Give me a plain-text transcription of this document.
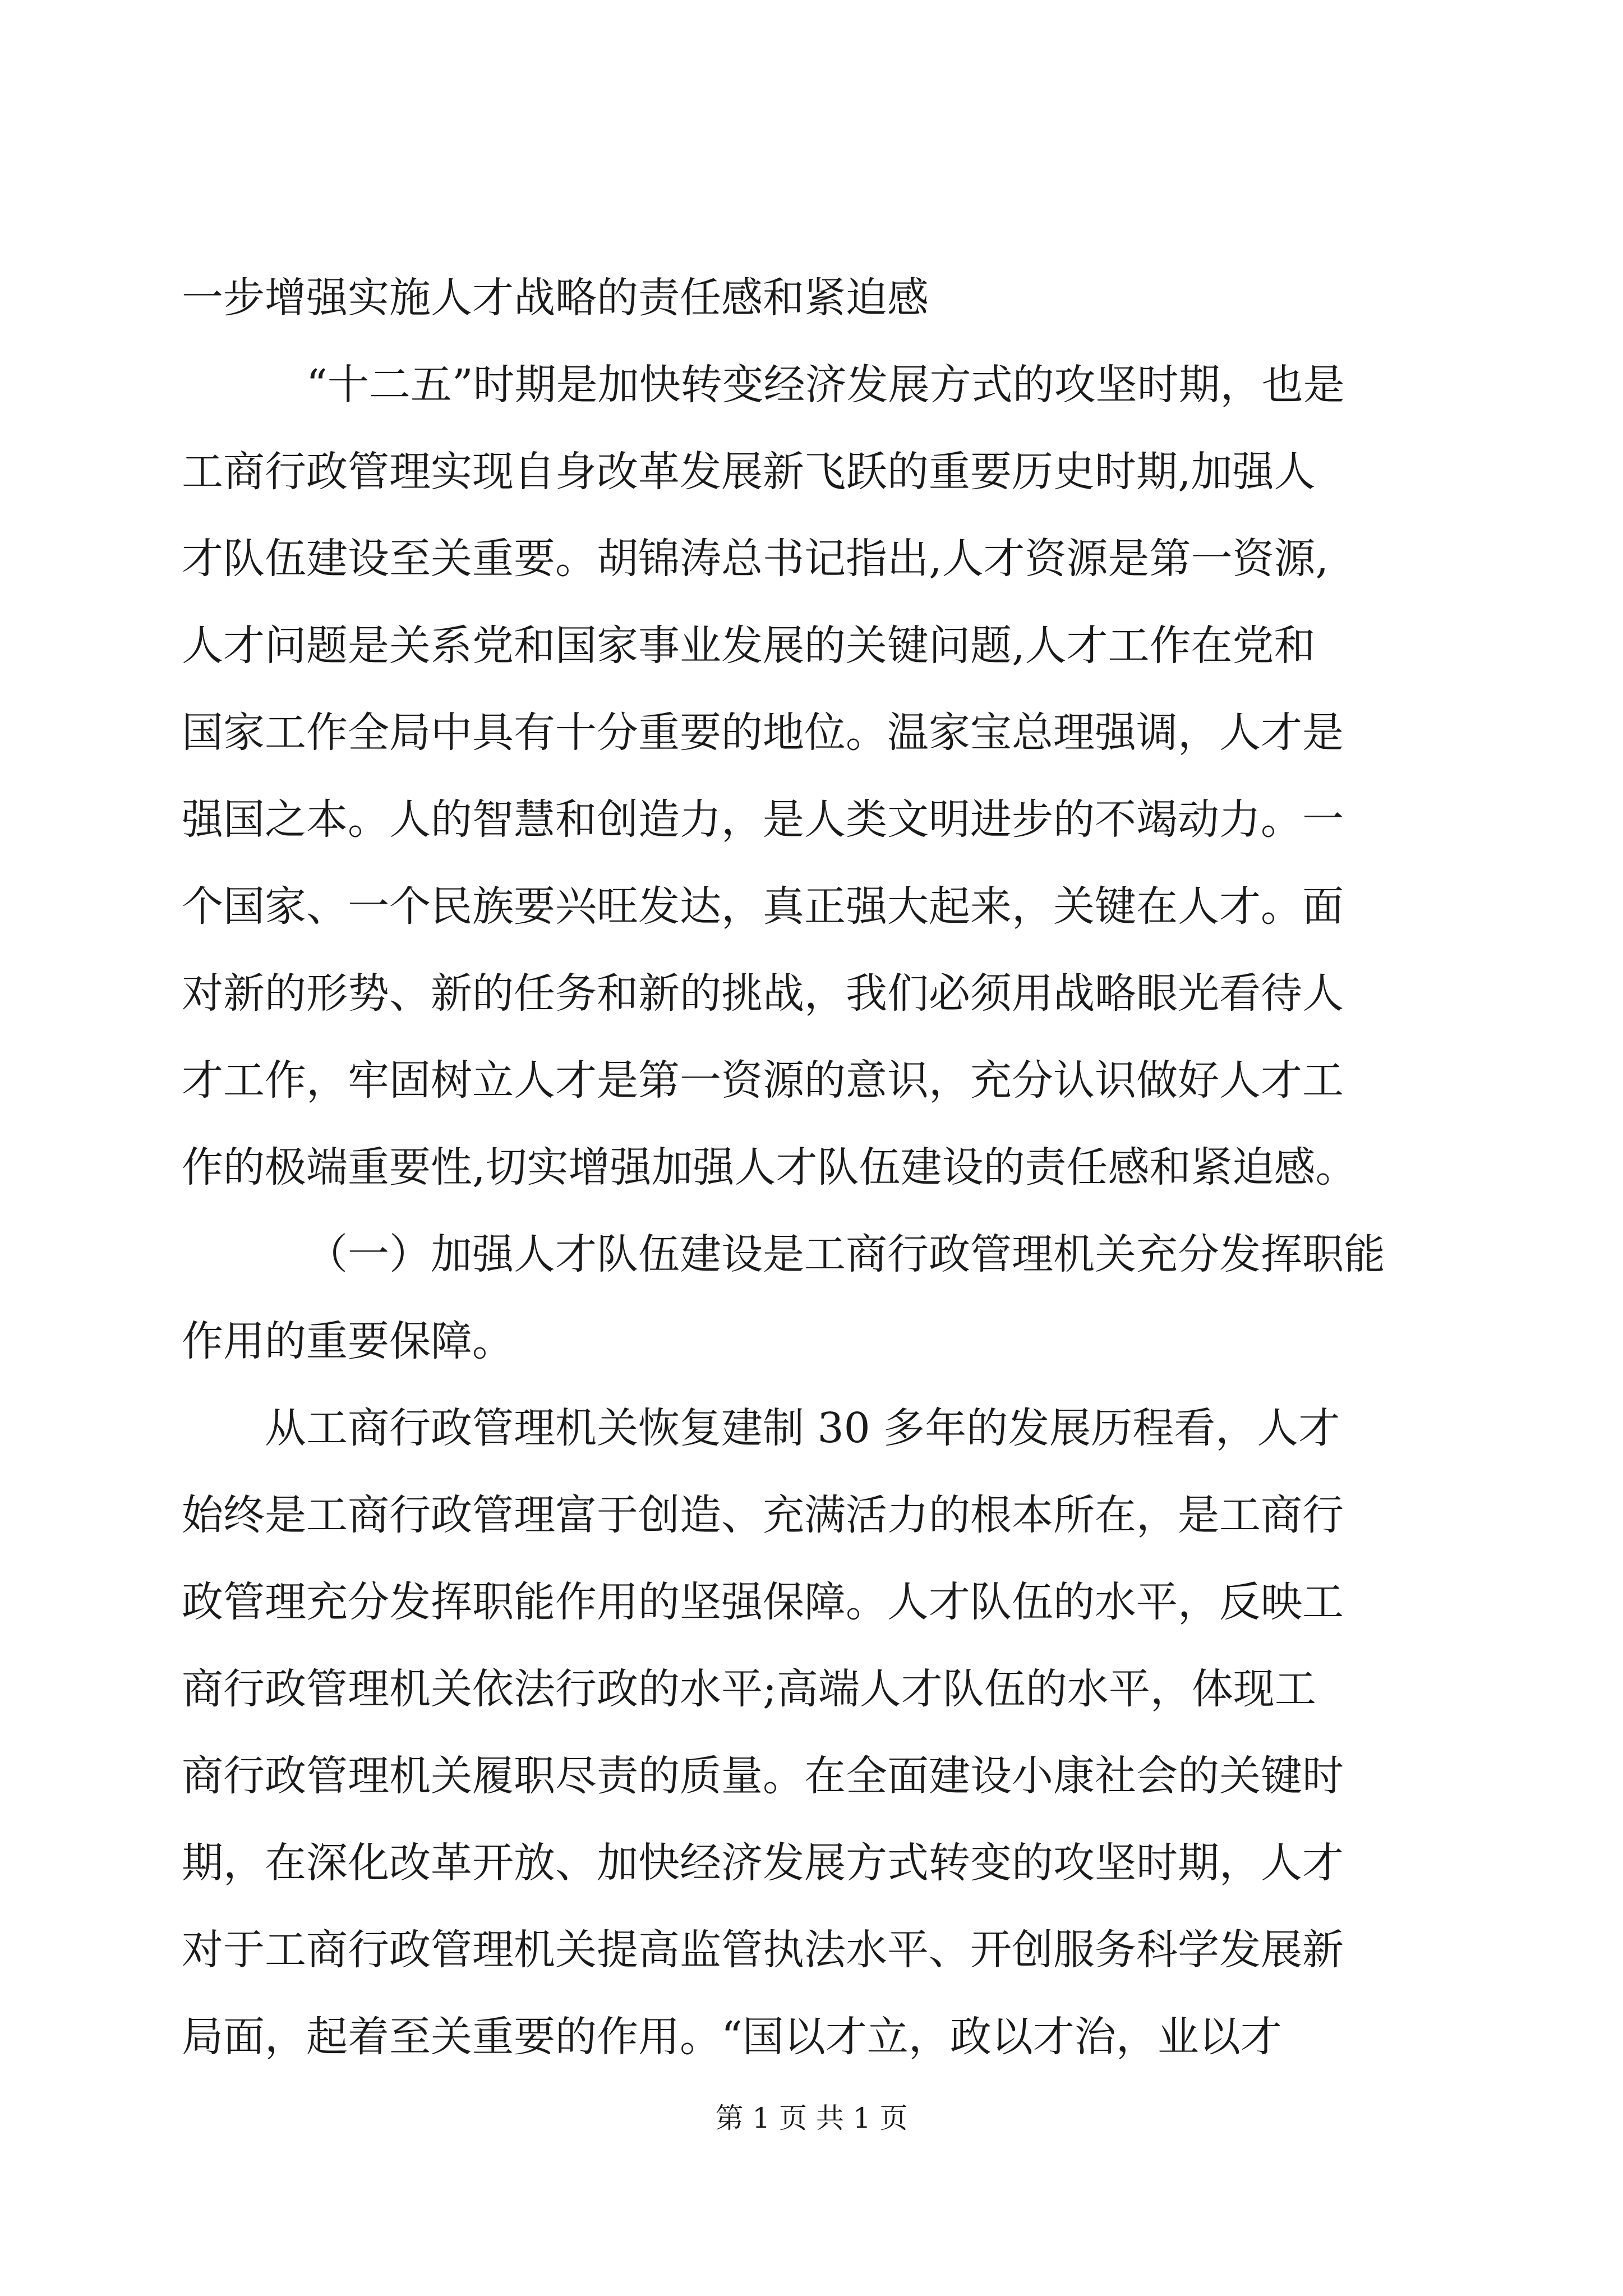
一步增强实施人才战略的责任感和紧迫感
“十二五”时期是加快转变经济发展方式的攻坚时期，也是
工商行政管理实现自身改革发展新飞跃的重要历史时期,加强人
才队伍建设至关重要。胡锦涛总书记指出,人才资源是第一资源,
人才问题是关系党和国家事业发展的关键问题,人才工作在党和
国家工作全局中具有十分重要的地位。温家宝总理强调，人才是
强国之本。人的智慧和创造力，是人类文明进步的不竭动力。一
个国家、一个民族要兴旺发达，真正强大起来，关键在人才。面
对新的形势、新的任务和新的挑战，我们必须用战略眼光看待人
才工作，牢固树立人才是第一资源的意识，充分认识做好人才工
作的极端重要性,切实增强加强人才队伍建设的责任感和紧迫感。
（一）加强人才队伍建设是工商行政管理机关充分发挥职能
作用的重要保障。
从工商行政管理机关恢复建制 30 多年的发展历程看，人才
始终是工商行政管理富于创造、充满活力的根本所在，是工商行
政管理充分发挥职能作用的坚强保障。人才队伍的水平，反映工
商行政管理机关依法行政的水平;高端人才队伍的水平，体现工
商行政管理机关履职尽责的质量。在全面建设小康社会的关键时
期，在深化改革开放、加快经济发展方式转变的攻坚时期，人才
对于工商行政管理机关提高监管执法水平、开创服务科学发展新
局面，起着至关重要的作用。“国以才立，政以才治，业以才
第 1 页 共 1 页
